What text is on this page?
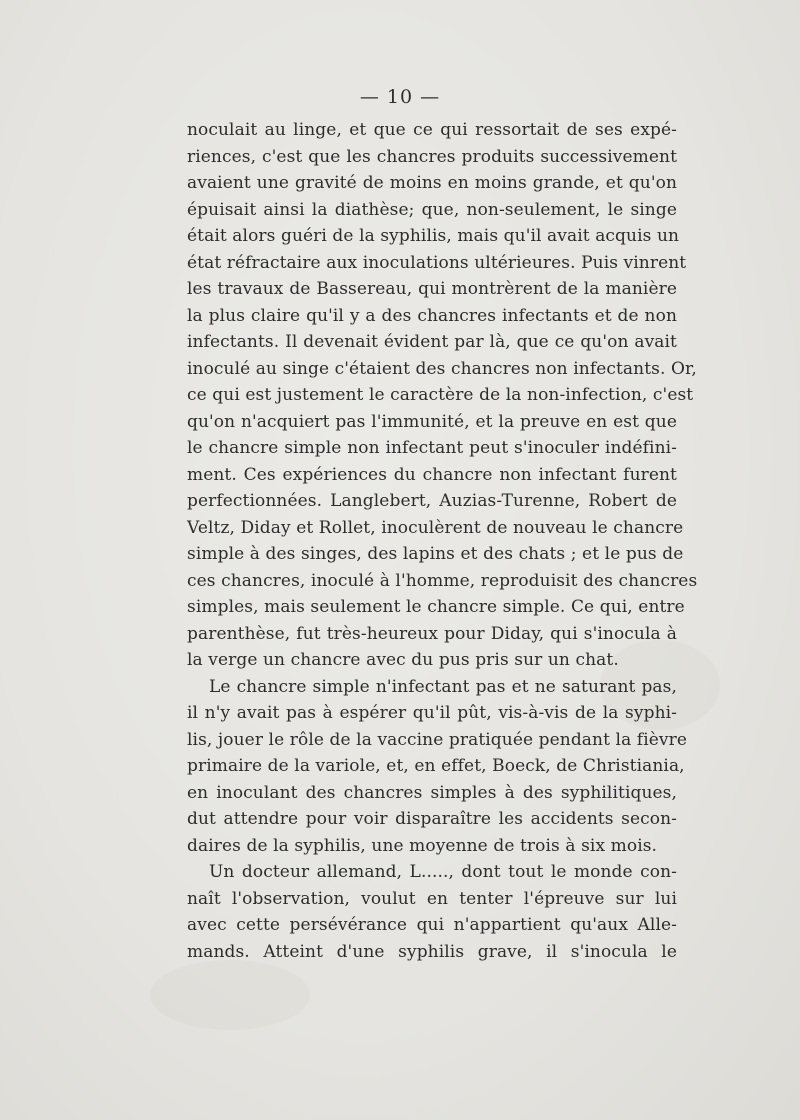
— 10 —
noculait au linge, et que ce qui ressortait de ses expé-
riences, c'est que les chancres produits successivement
avaient une gravité de moins en moins grande, et qu'on
épuisait ainsi la diathèse; que, non-seulement, le singe
était alors guéri de la syphilis, mais qu'il avait acquis un
état réfractaire aux inoculations ultérieures. Puis vinrent
les travaux de Bassereau, qui montrèrent de la manière
la plus claire qu'il y a des chancres infectants et de non
infectants. Il devenait évident par là, que ce qu'on avait
inoculé au singe c'étaient des chancres non infectants. Or,
ce qui est justement le caractère de la non-infection, c'est
qu'on n'acquiert pas l'immunité, et la preuve en est que
le chancre simple non infectant peut s'inoculer indéfini-
ment. Ces expériences du chancre non infectant furent
perfectionnées. Langlebert, Auzias-Turenne, Robert de
Veltz, Diday et Rollet, inoculèrent de nouveau le chancre
simple à des singes, des lapins et des chats ; et le pus de
ces chancres, inoculé à l'homme, reproduisit des chancres
simples, mais seulement le chancre simple. Ce qui, entre
parenthèse, fut très-heureux pour Diday, qui s'inocula à
la verge un chancre avec du pus pris sur un chat.
Le chancre simple n'infectant pas et ne saturant pas,
il n'y avait pas à espérer qu'il pût, vis-à-vis de la syphi-
lis, jouer le rôle de la vaccine pratiquée pendant la fièvre
primaire de la variole, et, en effet, Boeck, de Christiania,
en inoculant des chancres simples à des syphilitiques,
dut attendre pour voir disparaître les accidents secon-
daires de la syphilis, une moyenne de trois à six mois.
Un docteur allemand, L....., dont tout le monde con-
naît l'observation, voulut en tenter l'épreuve sur lui
avec cette persévérance qui n'appartient qu'aux Alle-
mands. Atteint d'une syphilis grave, il s'inocula le
